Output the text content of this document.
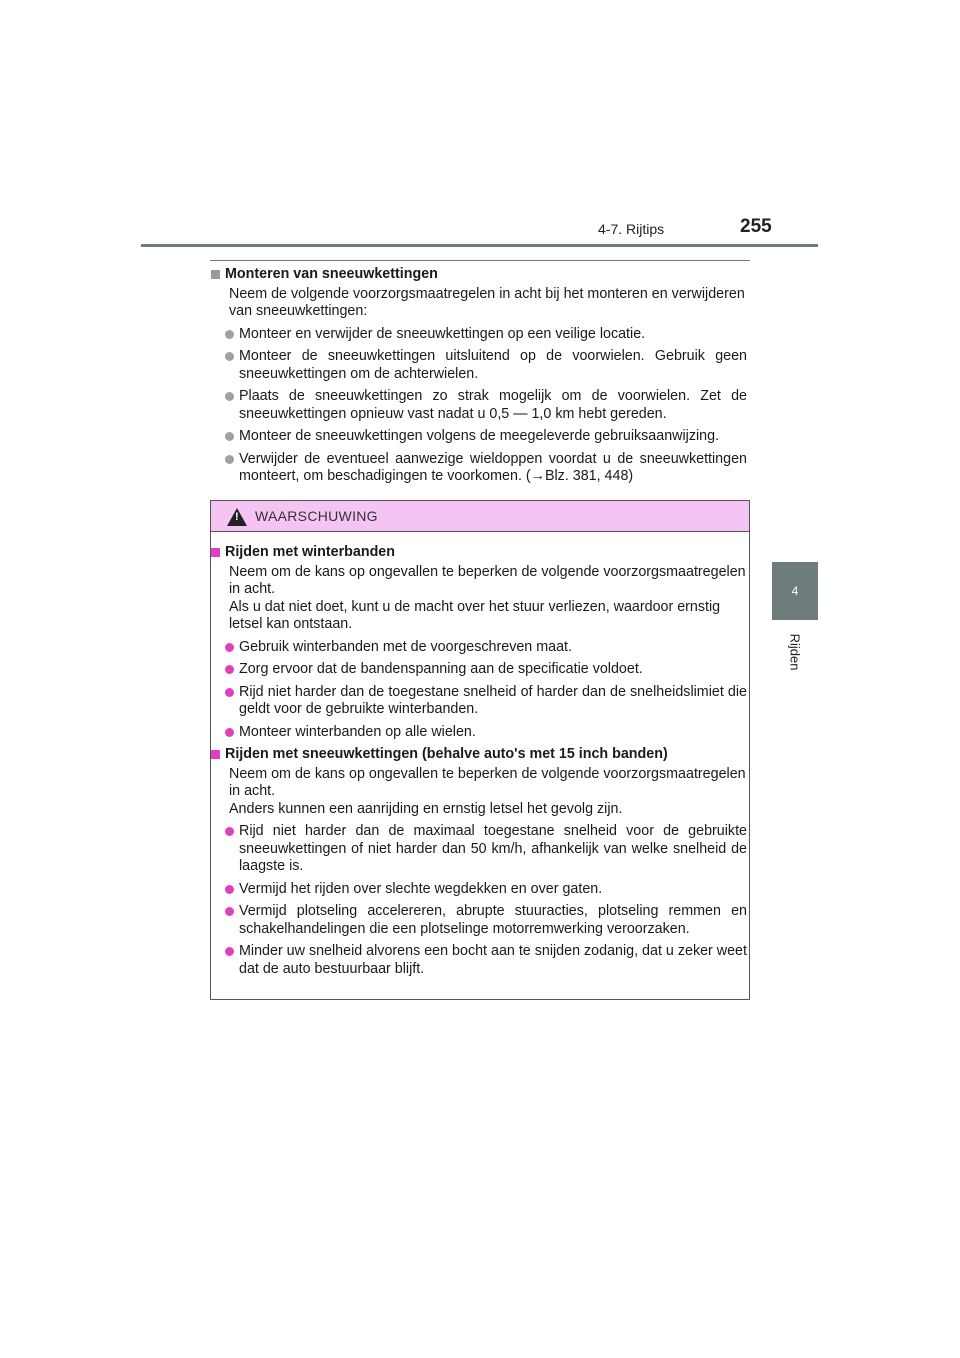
4-7. Rijtips	255
4
Rijden
Monteren van sneeuwkettingen
Neem de volgende voorzorgsmaatregelen in acht bij het monteren en verwijderen van sneeuwkettingen:
Monteer en verwijder de sneeuwkettingen op een veilige locatie.
Monteer de sneeuwkettingen uitsluitend op de voorwielen. Gebruik geen sneeuwkettingen om de achterwielen.
Plaats de sneeuwkettingen zo strak mogelijk om de voorwielen. Zet de sneeuwkettingen opnieuw vast nadat u 0,5 — 1,0 km hebt gereden.
Monteer de sneeuwkettingen volgens de meegeleverde gebruiksaanwijzing.
Verwijder de eventueel aanwezige wieldoppen voordat u de sneeuwkettingen monteert, om beschadigingen te voorkomen. (→Blz. 381, 448)
! WAARSCHUWING
Rijden met winterbanden
Neem om de kans op ongevallen te beperken de volgende voorzorgsmaatregelen in acht.
Als u dat niet doet, kunt u de macht over het stuur verliezen, waardoor ernstig letsel kan ontstaan.
Gebruik winterbanden met de voorgeschreven maat.
Zorg ervoor dat de bandenspanning aan de specificatie voldoet.
Rijd niet harder dan de toegestane snelheid of harder dan de snelheidslimiet die geldt voor de gebruikte winterbanden.
Monteer winterbanden op alle wielen.
Rijden met sneeuwkettingen (behalve auto's met 15 inch banden)
Neem om de kans op ongevallen te beperken de volgende voorzorgsmaatregelen in acht.
Anders kunnen een aanrijding en ernstig letsel het gevolg zijn.
Rijd niet harder dan de maximaal toegestane snelheid voor de gebruikte sneeuwkettingen of niet harder dan 50 km/h, afhankelijk van welke snelheid de laagste is.
Vermijd het rijden over slechte wegdekken en over gaten.
Vermijd plotseling accelereren, abrupte stuuracties, plotseling remmen en schakelhandelingen die een plotselinge motorremwerking veroorzaken.
Minder uw snelheid alvorens een bocht aan te snijden zodanig, dat u zeker weet dat de auto bestuurbaar blijft.
